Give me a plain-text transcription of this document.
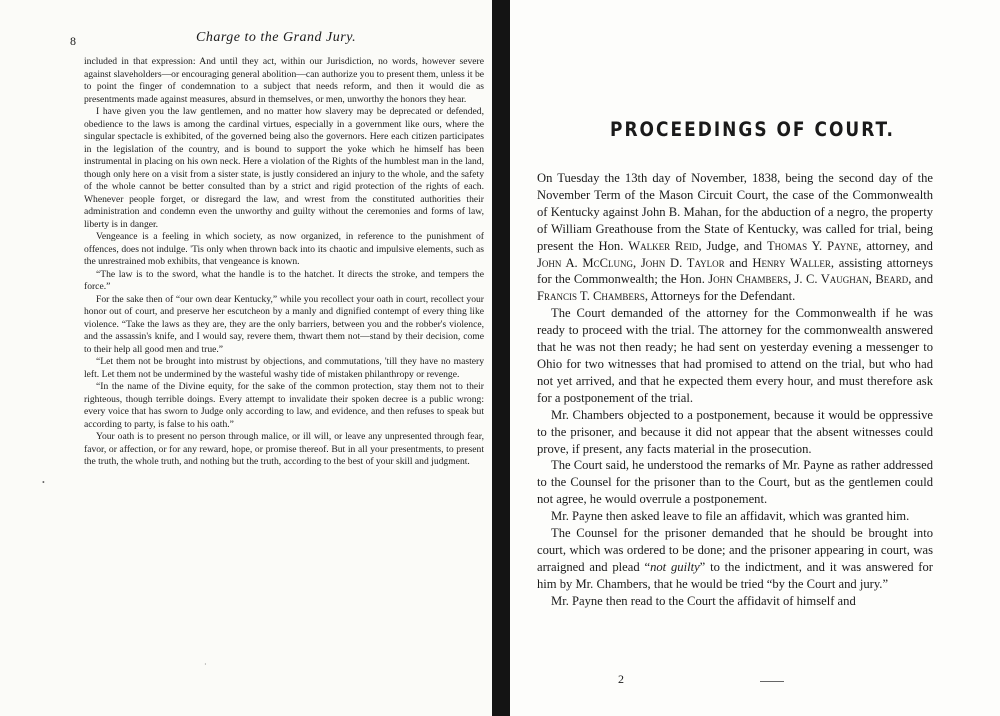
8	Charge to the Grand Jury.

included in that expression: And until they act, within our Jurisdiction, no words, however severe against slaveholders—or encouraging general abolition—can authorize you to present them, unless it be to point the finger of condemnation to a subject that needs reform, and then it would die as presentments made against measures, absurd in themselves, or men, unworthy the honors they hear.

I have given you the law gentlemen, and no matter how slavery may be deprecated or defended, obedience to the laws is among the cardinal virtues, especially in a government like ours, where the singular spectacle is exhibited, of the governed being also the governors. Here each citizen participates in the legislation of the country, and is bound to support the yoke which he himself has been instrumental in placing on his own neck. Here a violation of the Rights of the humblest man in the land, though only here on a visit from a sister state, is justly considered an injury to the whole, and the safety of the whole cannot be better consulted than by a strict and rigid protection of the rights of each. Whenever people forget, or disregard the law, and wrest from the constituted authorities their administration and condemn even the unworthy and guilty without the ceremonies and forms of law, liberty is in danger.

Vengeance is a feeling in which society, as now organized, in reference to the punishment of offences, does not indulge. 'Tis only when thrown back into its chaotic and impulsive elements, such as the unrestrained mob exhibits, that vengeance is known.

“The law is to the sword, what the handle is to the hatchet. It directs the stroke, and tempers the force.”

For the sake then of “our own dear Kentucky,” while you recollect your oath in court, recollect your honor out of court, and preserve her escutcheon by a manly and dignified contempt of every thing like violence. “Take the laws as they are, they are the only barriers, between you and the robber's violence, and the assassin's knife, and I would say, revere them, thwart them not—stand by their decision, come to their help all good men and true.”

“Let them not be brought into mistrust by objections, and commutations, 'till they have no mastery left. Let them not be undermined by the wasteful washy tide of mistaken philanthropy or revenge.

“In the name of the Divine equity, for the sake of the common protection, stay them not to their righteous, though terrible doings. Every attempt to invalidate their spoken decree is a public wrong: every voice that has sworn to Judge only according to law, and evidence, and then refuses to speak but according to party, is false to his oath.”

Your oath is to present no person through malice, or ill will, or leave any unpresented through fear, favor, or affection, or for any reward, hope, or promise thereof. But in all your presentments, to present the truth, the whole truth, and nothing but the truth, according to the best of your skill and judgment.

•
·
PROCEEDINGS OF COURT.

On Tuesday the 13th day of November, 1838, being the second day of the November Term of the Mason Circuit Court, the case of the Commonwealth of Kentucky against John B. Mahan, for the abduction of a negro, the property of William Greathouse from the State of Kentucky, was called for trial, being present the Hon. Walker Reid, Judge, and Thomas Y. Payne, attorney, and John A. McClung, John D. Taylor and Henry Waller, assisting attorneys for the Commonwealth; the Hon. John Chambers, J. C. Vaughan, Beard, and Francis T. Chambers, Attorneys for the Defendant.

The Court demanded of the attorney for the Commonwealth if he was ready to proceed with the trial. The attorney for the commonwealth answered that he was not then ready; he had sent on yesterday evening a messenger to Ohio for two witnesses that had promised to attend on the trial, but who had not yet arrived, and that he expected them every hour, and must therefore ask for a postponement of the trial.

Mr. Chambers objected to a postponement, because it would be oppressive to the prisoner, and because it did not appear that the absent witnesses could prove, if present, any facts material in the prosecution.

The Court said, he understood the remarks of Mr. Payne as rather addressed to the Counsel for the prisoner than to the Court, but as the gentlemen could not agree, he would overrule a postponement.

Mr. Payne then asked leave to file an affidavit, which was granted him.

The Counsel for the prisoner demanded that he should be brought into court, which was ordered to be done; and the prisoner appearing in court, was arraigned and plead “not guilty” to the indictment, and it was answered for him by Mr. Chambers, that he would be tried “by the Court and jury.”

Mr. Payne then read to the Court the affidavit of himself and

2
